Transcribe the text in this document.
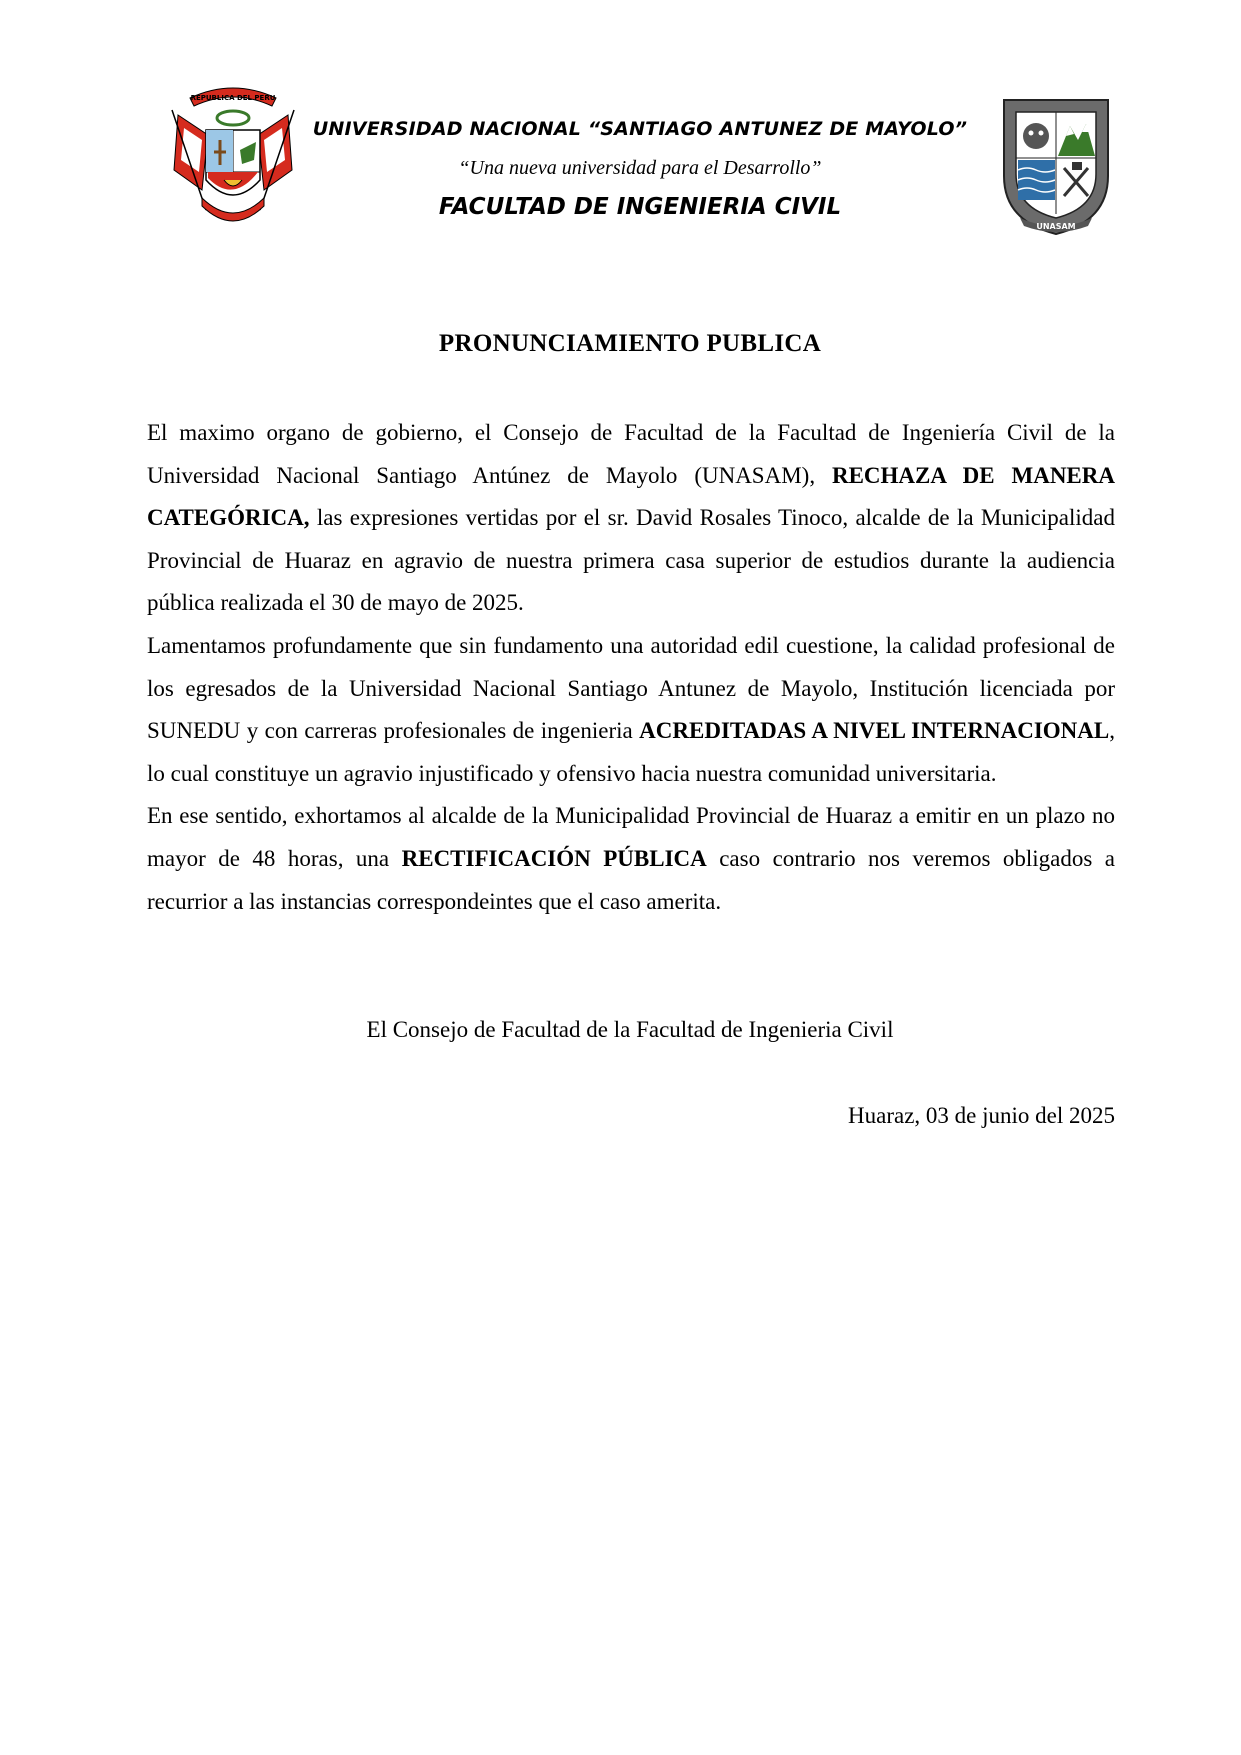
REPUBLICA DEL PERU
UNIVERSIDAD NACIONAL “SANTIAGO ANTUNEZ DE MAYOLO”
“Una nueva universidad para el Desarrollo”
FACULTAD DE INGENIERIA CIVIL
UNASAM
PRONUNCIAMIENTO PUBLICA

El maximo organo de gobierno, el Consejo de Facultad de la Facultad de Ingeniería Civil de la Universidad Nacional Santiago Antúnez de Mayolo (UNASAM), RECHAZA DE MANERA CATEGÓRICA, las expresiones vertidas por el sr. David Rosales Tinoco, alcalde de la Municipalidad Provincial de Huaraz en agravio de nuestra primera casa superior de estudios durante la audiencia pública realizada el 30 de mayo de 2025.

Lamentamos profundamente que sin fundamento una autoridad edil cuestione, la calidad profesional de los egresados de la Universidad Nacional Santiago Antunez de Mayolo, Institución licenciada por SUNEDU y con carreras profesionales de ingenieria ACREDITADAS A NIVEL INTERNACIONAL, lo cual constituye un agravio injustificado y ofensivo hacia nuestra comunidad universitaria.

En ese sentido, exhortamos al alcalde de la Municipalidad Provincial de Huaraz a emitir en un plazo no mayor de 48 horas, una RECTIFICACIÓN PÚBLICA caso contrario nos veremos obligados a recurrior a las instancias correspondeintes que el caso amerita.

El Consejo de Facultad de la Facultad de Ingenieria Civil
Huaraz, 03 de junio del 2025
